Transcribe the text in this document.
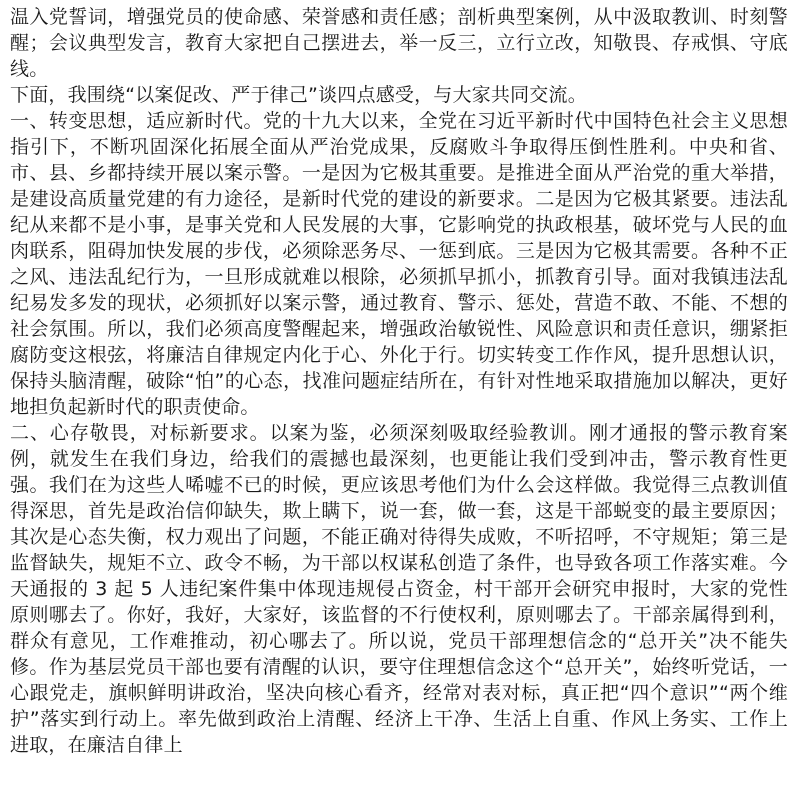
温入党誓词，增强党员的使命感、荣誉感和责任感；剖析典型案例，从中汲取教训、时刻警醒；会议典型发言，教育大家把自己摆进去，举一反三，立行立改，知敬畏、存戒惧、守底线。

下面，我围绕“以案促改、严于律己”谈四点感受，与大家共同交流。

一、转变思想，适应新时代。党的十九大以来，全党在习近平新时代中国特色社会主义思想指引下，不断巩固深化拓展全面从严治党成果，反腐败斗争取得压倒性胜利。中央和省、市、县、乡都持续开展以案示警。一是因为它极其重要。是推进全面从严治党的重大举措，是建设高质量党建的有力途径，是新时代党的建设的新要求。二是因为它极其紧要。违法乱纪从来都不是小事，是事关党和人民发展的大事，它影响党的执政根基，破坏党与人民的血肉联系，阻碍加快发展的步伐，必须除恶务尽、一惩到底。三是因为它极其需要。各种不正之风、违法乱纪行为，一旦形成就难以根除，必须抓早抓小，抓教育引导。面对我镇违法乱纪易发多发的现状，必须抓好以案示警，通过教育、警示、惩处，营造不敢、不能、不想的社会氛围。所以，我们必须高度警醒起来，增强政治敏锐性、风险意识和责任意识，绷紧拒腐防变这根弦，将廉洁自律规定内化于心、外化于行。切实转变工作作风，提升思想认识，保持头脑清醒，破除“怕”的心态，找准问题症结所在，有针对性地采取措施加以解决，更好地担负起新时代的职责使命。

二、心存敬畏，对标新要求。以案为鉴，必须深刻吸取经验教训。刚才通报的警示教育案例，就发生在我们身边，给我们的震撼也最深刻，也更能让我们受到冲击，警示教育性更强。我们在为这些人唏嘘不已的时候，更应该思考他们为什么会这样做。我觉得三点教训值得深思，首先是政治信仰缺失，欺上瞒下，说一套，做一套，这是干部蜕变的最主要原因；其次是心态失衡，权力观出了问题，不能正确对待得失成败，不听招呼，不守规矩；第三是监督缺失，规矩不立、政令不畅，为干部以权谋私创造了条件，也导致各项工作落实难。今天通报的 3 起 5 人违纪案件集中体现违规侵占资金，村干部开会研究申报时，大家的党性原则哪去了。你好，我好，大家好，该监督的不行使权利，原则哪去了。干部亲属得到利，群众有意见，工作难推动，初心哪去了。所以说，党员干部理想信念的“总开关”决不能失修。作为基层党员干部也要有清醒的认识，要守住理想信念这个“总开关”，始终听党话，一心跟党走，旗帜鲜明讲政治，坚决向核心看齐，经常对表对标，真正把“四个意识”“两个维护”落实到行动上。率先做到政治上清醒、经济上干净、生活上自重、作风上务实、工作上进取，在廉洁自律上
